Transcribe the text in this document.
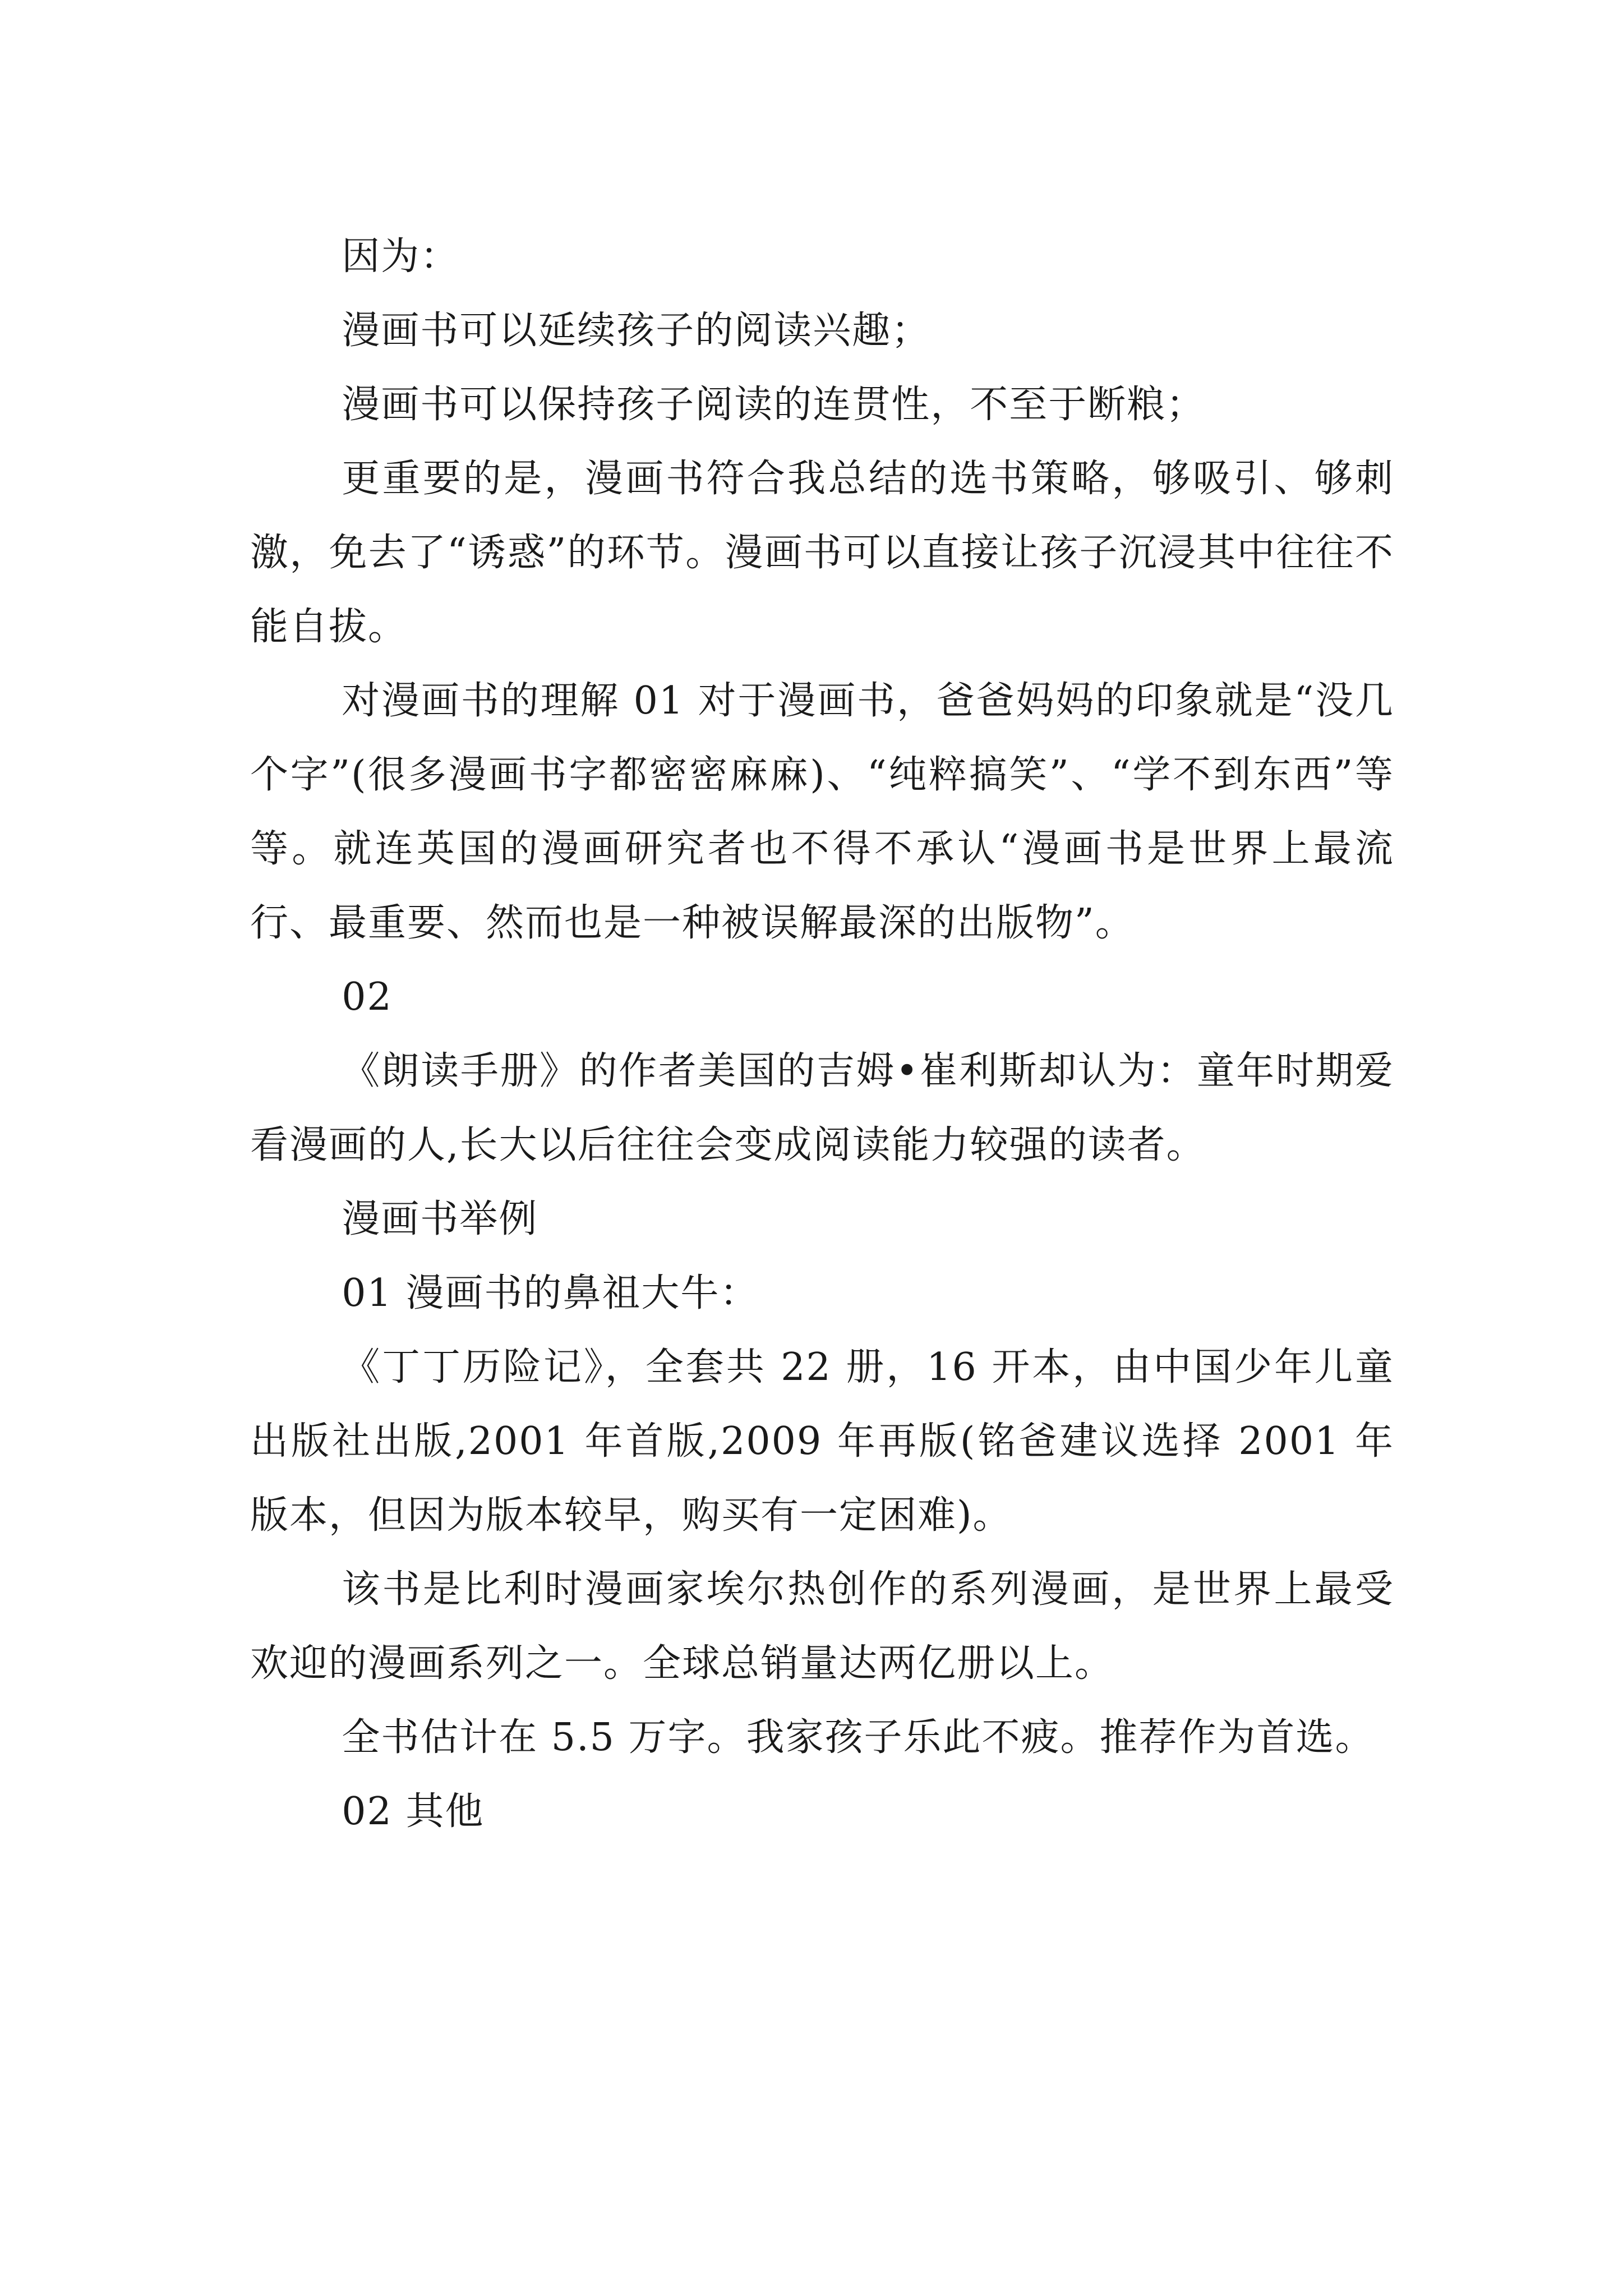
因为：

漫画书可以延续孩子的阅读兴趣；

漫画书可以保持孩子阅读的连贯性，不至于断粮；

更重要的是，漫画书符合我总结的选书策略，够吸引、够刺激，免去了“诱惑”的环节。漫画书可以直接让孩子沉浸其中往往不能自拔。

对漫画书的理解 01 对于漫画书，爸爸妈妈的印象就是“没几个字”(很多漫画书字都密密麻麻)、“纯粹搞笑”、“学不到东西”等等。就连英国的漫画研究者也不得不承认“漫画书是世界上最流行、最重要、然而也是一种被误解最深的出版物”。

02

《朗读手册》的作者美国的吉姆•崔利斯却认为：童年时期爱看漫画的人,长大以后往往会变成阅读能力较强的读者。

漫画书举例

01 漫画书的鼻祖大牛：

《丁丁历险记》，全套共 22 册，16 开本，由中国少年儿童出版社出版,2001 年首版,2009 年再版(铭爸建议选择 2001 年版本，但因为版本较早，购买有一定困难)。

该书是比利时漫画家埃尔热创作的系列漫画，是世界上最受欢迎的漫画系列之一。全球总销量达两亿册以上。

全书估计在 5.5 万字。我家孩子乐此不疲。推荐作为首选。

02 其他
